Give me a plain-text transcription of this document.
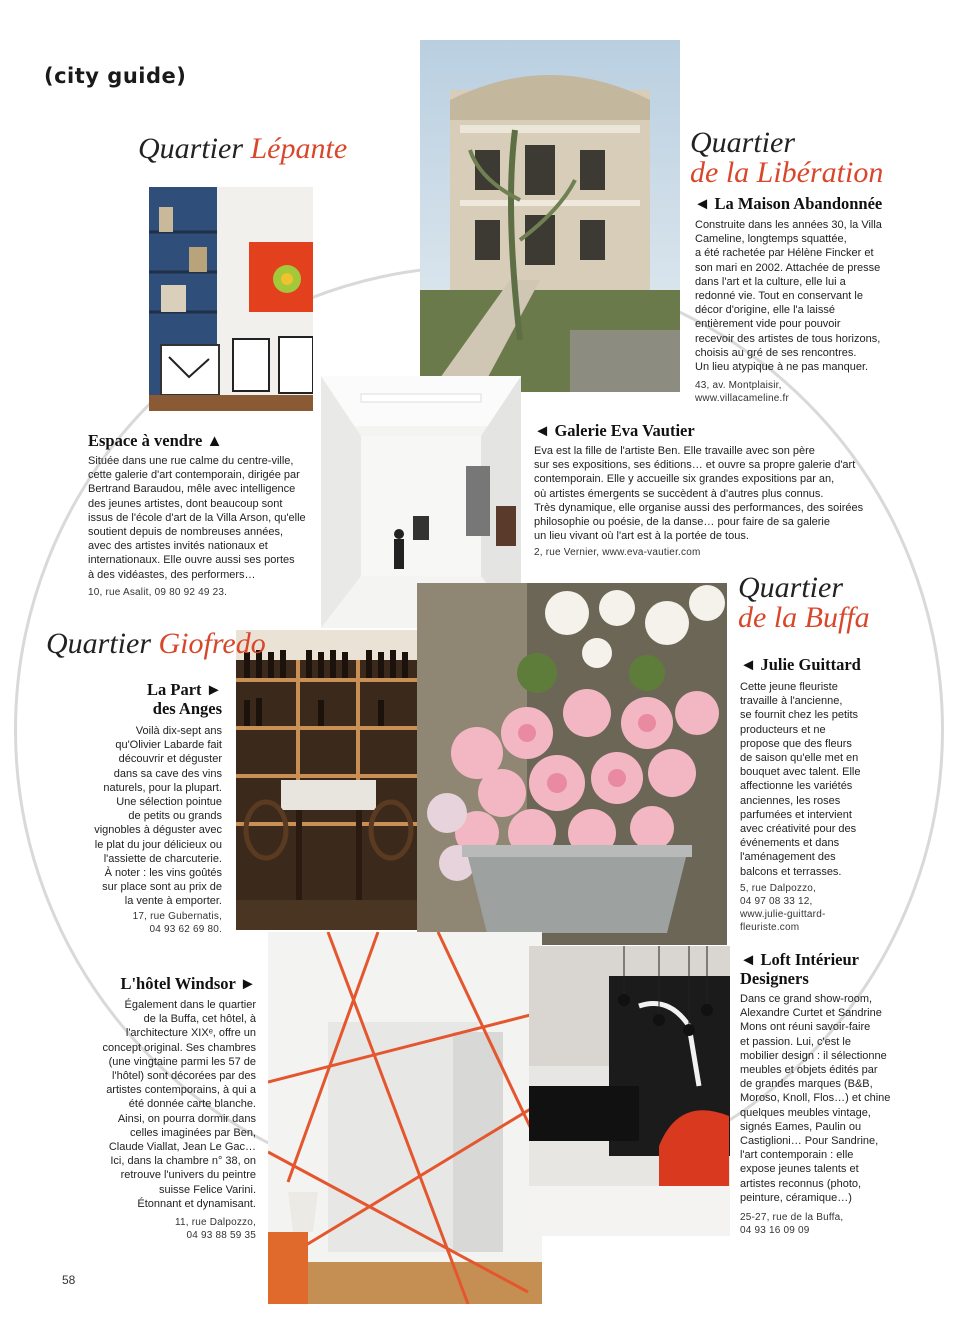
(city guide)
Quartier Lépante
Espace à vendre ▲
Située dans une rue calme du centre-ville,
cette galerie d'art contemporain, dirigée par
Bertrand Baraudou, mêle avec intelligence
des jeunes artistes, dont beaucoup sont
issus de l'école d'art de la Villa Arson, qu'elle
soutient depuis de nombreuses années,
avec des artistes invités nationaux et
internationaux. Elle ouvre aussi ses portes
à des vidéastes, des performers…
10, rue Asalit, 09 80 92 49 23.
Quartier
de la Libération
◄ La Maison Abandonnée
Construite dans les années 30, la Villa
Cameline, longtemps squattée,
a été rachetée par Hélène Fincker et
son mari en 2002. Attachée de presse
dans l'art et la culture, elle lui a
redonné vie. Tout en conservant le
décor d'origine, elle l'a laissé
entièrement vide pour pouvoir
recevoir des artistes de tous horizons,
choisis au gré de ses rencontres.
Un lieu atypique à ne pas manquer.
43, av. Montplaisir,
www.villacameline.fr
◄ Galerie Eva Vautier
Eva est la fille de l'artiste Ben. Elle travaille avec son père
sur ses expositions, ses éditions… et ouvre sa propre galerie d'art
contemporain. Elle y accueille six grandes expositions par an,
où artistes émergents se succèdent à d'autres plus connus.
Très dynamique, elle organise aussi des performances, des soirées
philosophie ou poésie, de la danse… pour faire de sa galerie
un lieu vivant où l'art est à la portée de tous.
2, rue Vernier, www.eva-vautier.com
Quartier Giofredo
La Part ►
des Anges
Voilà dix-sept ans
qu'Olivier Labarde fait
découvrir et déguster
dans sa cave des vins
naturels, pour la plupart.
Une sélection pointue
de petits ou grands
vignobles à déguster avec
le plat du jour délicieux ou
l'assiette de charcuterie.
À noter : les vins goûtés
sur place sont au prix de
la vente à emporter.
17, rue Gubernatis,
04 93 62 69 80.
Quartier
de la Buffa
◄ Julie Guittard
Cette jeune fleuriste
travaille à l'ancienne,
se fournit chez les petits
producteurs et ne
propose que des fleurs
de saison qu'elle met en
bouquet avec talent. Elle
affectionne les variétés
anciennes, les roses
parfumées et intervient
avec créativité pour des
événements et dans
l'aménagement des
balcons et terrasses.
5, rue Dalpozzo,
04 97 08 33 12,
www.julie-guittard-
fleuriste.com
L'hôtel Windsor ►
Également dans le quartier
de la Buffa, cet hôtel, à
l'architecture XIXᵉ, offre un
concept original. Ses chambres
(une vingtaine parmi les 57 de
l'hôtel) sont décorées par des
artistes contemporains, à qui a
été donnée carte blanche.
Ainsi, on pourra dormir dans
celles imaginées par Ben,
Claude Viallat, Jean Le Gac…
Ici, dans la chambre n° 38, on
retrouve l'univers du peintre
suisse Felice Varini.
Étonnant et dynamisant.
11, rue Dalpozzo,
04 93 88 59 35
◄ Loft Intérieur
Designers
Dans ce grand show-room,
Alexandre Curtet et Sandrine
Mons ont réuni savoir-faire
et passion. Lui, c'est le
mobilier design : il sélectionne
meubles et objets édités par
de grandes marques (B&B,
Moroso, Knoll, Flos…) et chine
quelques meubles vintage,
signés Eames, Paulin ou
Castiglioni… Pour Sandrine,
l'art contemporain : elle
expose jeunes talents et
artistes reconnus (photo,
peinture, céramique…)
25-27, rue de la Buffa,
04 93 16 09 09
58
